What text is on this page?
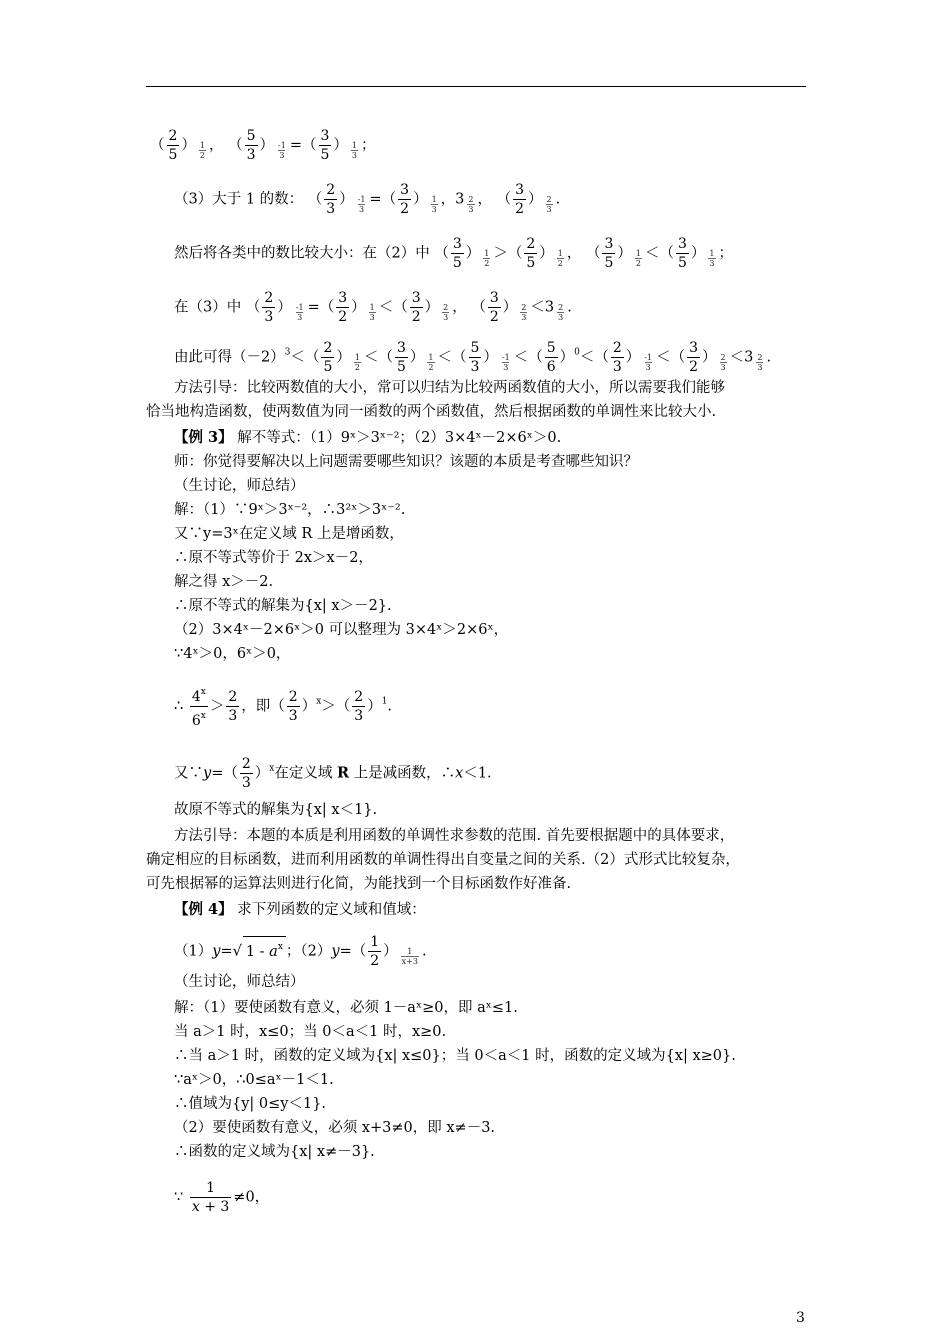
（ $\frac{2}{5}$ ） $\frac{1}{2}$ ， （ $\frac{5}{3}$ ） $\frac{-1}{3}$ =（ $\frac{3}{5}$ ） $\frac{1}{3}$ ；
（3）大于 1 的数： （ $\frac{2}{3}$ ） $\frac{-1}{3}$ =（ $\frac{3}{2}$ ） $\frac{1}{3}$ ，$3 \frac{2}{3}$ ， （ $\frac{3}{2}$ ） $\frac{2}{3}$ .
然后将各类中的数比较大小：在（2）中 （ $\frac{3}{5}$ ） $\frac{1}{2}$ ＞（ $\frac{2}{5}$ ） $\frac{1}{2}$ ， （ $\frac{3}{5}$ ） $\frac{1}{2}$ ＜（ $\frac{3}{5}$ ） $\frac{1}{3}$ ；
在（3）中 （ $\frac{2}{3}$ ） $\frac{-1}{3}$ =（ $\frac{3}{2}$ ） $\frac{1}{3}$ ＜（ $\frac{3}{2}$ ） $\frac{2}{3}$ ， （ $\frac{3}{2}$ ） $\frac{2}{3} <3 \frac{2}{3}$ .
由此可得$(-2)^3<( \frac{2}{5}$ ） $\frac{1}{2}$ ＜（ $\frac{3}{5}$ ） $\frac{1}{2}$ ＜（ $\frac{5}{3}$ ） $\frac{-1}{3}$ ＜（ $\frac{5}{6} )^0<( \frac{2}{3}$ ） $\frac{-1}{3}$ ＜（ $\frac{3}{2}$ ） $\frac{2}{3} <3 \frac{2}{3}$ .
方法引导：比较两数值的大小，常可以归结为比较两函数值的大小，所以需要我们能够
恰当地构造函数，使两数值为同一函数的两个函数值，然后根据函数的单调性来比较大小.
【例 3】 解不等式：（1）9ˣ＞3ˣ⁻²；（2）3×4ˣ－2×6ˣ＞0.
师：你觉得要解决以上问题需要哪些知识？该题的本质是考查哪些知识？
（生讨论，师总结）
解：（1）∵9ˣ＞3ˣ⁻²，∴3²ˣ＞3ˣ⁻².
又∵y=3ˣ在定义域 R 上是增函数，
∴原不等式等价于 2x＞x－2，
解之得 x＞－2.
∴原不等式的解集为{x| x＞－2}.
（2）3×4ˣ－2×6ˣ＞0 可以整理为 3×4ˣ＞2×6ˣ，
∵4ˣ＞0，6ˣ＞0，
∴ $\frac{4^x}{6^x} > \frac{2}{3}$ ，即（ $\frac{2}{3} )^x>( \frac{2}{3} )^1$.
又∵y=（ $\frac{2}{3} )^x$在定义域 R 上是减函数，∴x＜1.
故原不等式的解集为{x| x＜1}.
方法引导：本题的本质是利用函数的单调性求参数的范围. 首先要根据题中的具体要求，
确定相应的目标函数，进而利用函数的单调性得出自变量之间的关系.（2）式形式比较复杂，
可先根据幂的运算法则进行化简，为能找到一个目标函数作好准备.
【例 4】 求下列函数的定义域和值域：
（1）y=√ $1 - a^x$ ；$(2)y=( \frac{1}{2}$ ） $\frac{1}{x+3}$ .
（生讨论，师总结）
解：（1）要使函数有意义，必须 1－aˣ≥0，即 aˣ≤1.
当 a＞1 时，x≤0；当 0＜a＜1 时，x≥0.
∴当 a＞1 时，函数的定义域为{x| x≤0}；当 0＜a＜1 时，函数的定义域为{x| x≥0}.
∵aˣ＞0，∴0≤aˣ－1＜1.
∴值域为{y| 0≤y＜1}.
（2）要使函数有意义，必须 x+3≠0，即 x≠－3.
∴函数的定义域为{x| x≠－3}.
∵ $\frac{1}{x + 3} \ne 0$，
3
